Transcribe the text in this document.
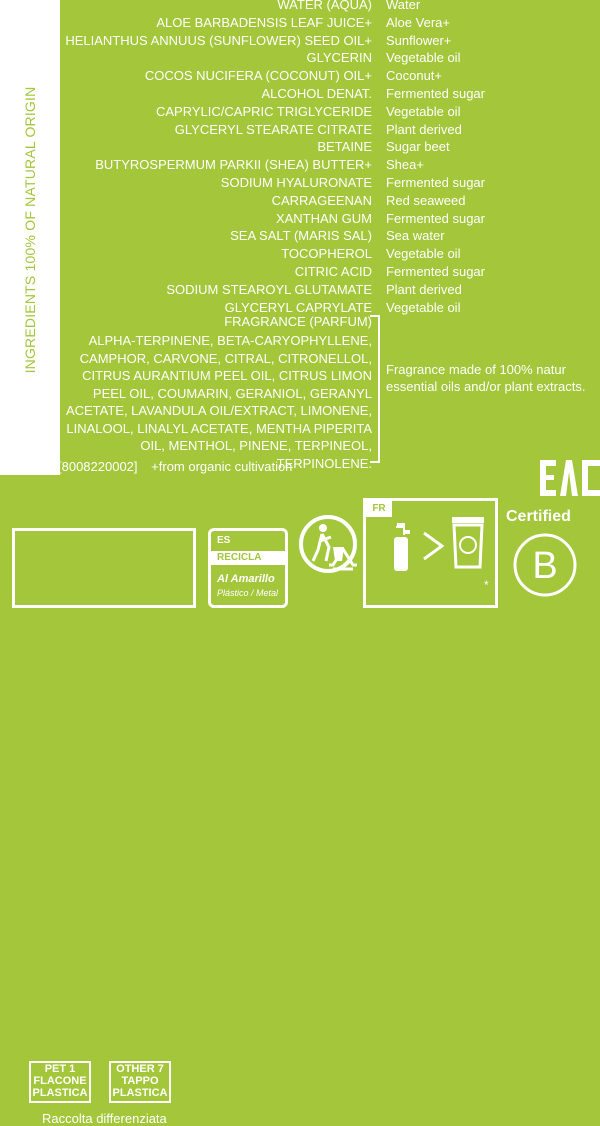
INGREDIENTS 100% OF NATURAL ORIGIN
WATER (AQUA) Water
ALOE BARBADENSIS LEAF JUICE+ Aloe Vera+
HELIANTHUS ANNUUS (SUNFLOWER) SEED OIL+ Sunflower+
GLYCERIN Vegetable oil
COCOS NUCIFERA (COCONUT) OIL+ Coconut+
ALCOHOL DENAT. Fermented sugar
CAPRYLIC/CAPRIC TRIGLYCERIDE Vegetable oil
GLYCERYL STEARATE CITRATE Plant derived
BETAINE Sugar beet
BUTYROSPERMUM PARKII (SHEA) BUTTER+ Shea+
SODIUM HYALURONATE Fermented sugar
CARRAGEENAN Red seaweed
XANTHAN GUM Fermented sugar
SEA SALT (MARIS SAL) Sea water
TOCOPHEROL Vegetable oil
CITRIC ACID Fermented sugar
SODIUM STEAROYL GLUTAMATE Plant derived
GLYCERYL CAPRYLATE Vegetable oil
FRAGRANCE (PARFUM)
ALPHA-TERPINENE, BETA-CARYOPHYLLENE, CAMPHOR, CARVONE, CITRAL, CITRONELLOL, CITRUS AURANTIUM PEEL OIL, CITRUS LIMON PEEL OIL, COUMARIN, GERANIOL, GERANYL ACETATE, LAVANDULA OIL/EXTRACT, LIMONENE, LINALOOL, LINALYL ACETATE, MENTHA PIPERITA OIL, MENTHOL, PINENE, TERPINEOL, TERPINOLENE.
Fragrance made of 100% natur essential oils and/or plant extracts.
[8008220002] +from organic cultivation
PET 1 FLACONE PLASTICA
OTHER 7 TAPPO PLASTICA
Raccolta differenziata
ES
RECICLA
Al Amarillo
Plástico / Metal
FR
*
Certified
B
